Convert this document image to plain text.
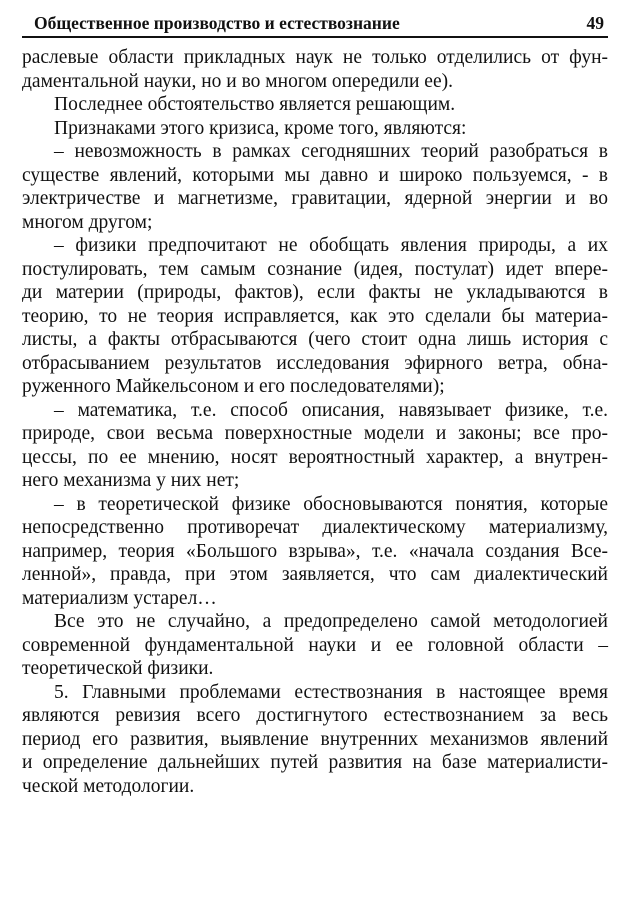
Общественное производство и естествознание	49
раслевые области прикладных наук не только отделились от фун-
даментальной науки, но и во многом опередили ее).
Последнее обстоятельство является решающим.
Признаками этого кризиса, кроме того, являются:
– невозможность в рамках сегодняшних теорий разобраться в
существе явлений, которыми мы давно и широко пользуемся, - в
электричестве и магнетизме, гравитации, ядерной энергии и во
многом другом;
– физики предпочитают не обобщать явления природы, а их
постулировать, тем самым сознание (идея, постулат) идет впере-
ди материи (природы, фактов), если факты не укладываются в
теорию, то не теория исправляется, как это сделали бы материа-
листы, а факты отбрасываются (чего стоит одна лишь история с
отбрасыванием результатов исследования эфирного ветра, обна-
руженного Майкельсоном и его последователями);
– математика, т.е. способ описания, навязывает физике, т.е.
природе, свои весьма поверхностные модели и законы; все про-
цессы, по ее мнению, носят вероятностный характер, а внутрен-
него механизма у них нет;
– в теоретической физике обосновываются понятия, которые
непосредственно противоречат диалектическому материализму,
например, теория «Большого взрыва», т.е. «начала создания Все-
ленной», правда, при этом заявляется, что сам диалектический
материализм устарел…
Все это не случайно, а предопределено самой методологией
современной фундаментальной науки и ее головной области –
теоретической физики.
5. Главными проблемами естествознания в настоящее время
являются ревизия всего достигнутого естествознанием за весь
период его развития, выявление внутренних механизмов явлений
и определение дальнейших путей развития на базе материалисти-
ческой методологии.
